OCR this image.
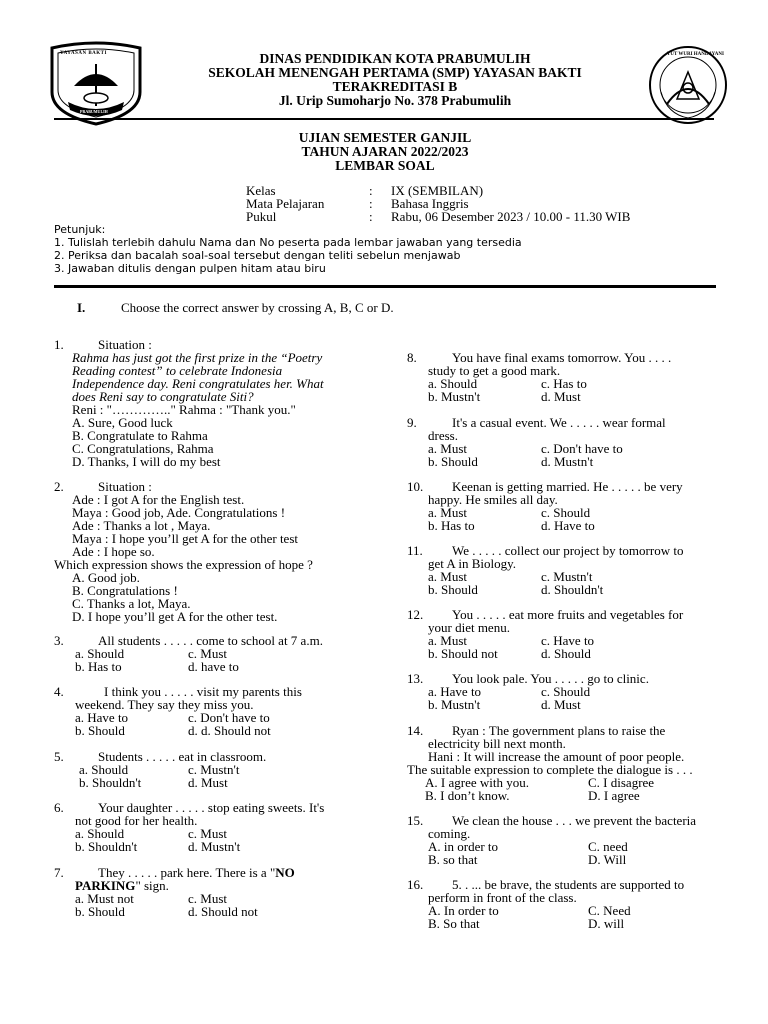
YAYASAN BAKTI
PRABUMULIH
TUT WURI HANDAYANI
DINAS PENDIDIKAN KOTA PRABUMULIH
SEKOLAH MENENGAH PERTAMA (SMP) YAYASAN BAKTI
TERAKREDITASI B
Jl. Urip Sumoharjo No. 378 Prabumulih
UJIAN SEMESTER GANJIL
TAHUN AJARAN 2022/2023
LEMBAR SOAL
Kelas	: IX (SEMBILAN)
Mata Pelajaran	: Bahasa Inggris
Pukul	: Rabu, 06 Desember 2023 / 10.00 - 11.30 WIB
Petunjuk:
1. Tulislah terlebih dahulu Nama dan No peserta pada lembar jawaban yang tersedia
2. Periksa dan bacalah soal-soal tersebut dengan teliti sebelun menjawab
3. Jawaban ditulis dengan pulpen hitam atau biru
I.	Choose the correct answer by crossing A, B, C or D.
1.	Situation :
Rahma has just got the first prize in the “Poetry
Reading contest” to celebrate Indonesia
Independence day. Reni congratulates her. What
does Reni say to congratulate Siti?
Reni : "………….." Rahma : "Thank you."
A. Sure, Good luck
B. Congratulate to Rahma
C. Congratulations, Rahma
D. Thanks, I will do my best
2.	Situation :
Ade : I got A for the English test.
Maya : Good job, Ade. Congratulations !
Ade : Thanks a lot , Maya.
Maya : I hope you’ll get A for the other test
Ade : I hope so.
Which expression shows the expression of hope ?
A. Good job.
B. Congratulations !
C. Thanks a lot, Maya.
D. I hope you’ll get A for the other test.
3.	All students . . . . . come to school at 7 a.m.
a. Should	c. Must
b. Has to	d. have to
4.	I think you . . . . . visit my parents this
weekend. They say they miss you.
a. Have to	c. Don't have to
b. Should	d. d. Should not
5.	Students . . . . . eat in classroom.
a. Should	c. Mustn't
b. Shouldn't	d. Must
6.	Your daughter . . . . . stop eating sweets. It's
not good for her health.
a. Should	c. Must
b. Shouldn't	d. Mustn't
7.	They . . . . . park here. There is a "NO
PARKING" sign.
a. Must not	c. Must
b. Should	d. Should not
8.	You have final exams tomorrow. You . . . .
study to get a good mark.
a. Should	c. Has to
b. Mustn't	d. Must
9.	It's a casual event. We . . . . . wear formal
dress.
a. Must	c. Don't have to
b. Should	d. Mustn't
10. Keenan is getting married. He . . . . . be very
happy. He smiles all day.
a. Must	c. Should
b. Has to	d. Have to
11. We . . . . . collect our project by tomorrow to
get A in Biology.
a. Must	c. Mustn't
b. Should	d. Shouldn't
12. You . . . . . eat more fruits and vegetables for
your diet menu.
a. Must	c. Have to
b. Should not	d. Should
13. You look pale. You . . . . . go to clinic.
a. Have to	c. Should
b. Mustn't	d. Must
14. Ryan : The government plans to raise the
electricity bill next month.
Hani : It will increase the amount of poor people.
The suitable expression to complete the dialogue is . . .
A. I agree with you.	C. I disagree
B. I don’t know.	D. I agree
15. We clean the house . . . we prevent the bacteria
coming.
A. in order to	C. need
B. so that	D. Will
16. 5. . ... be brave, the students are supported to
perform in front of the class.
A. In order to	C. Need
B. So that	D. will
